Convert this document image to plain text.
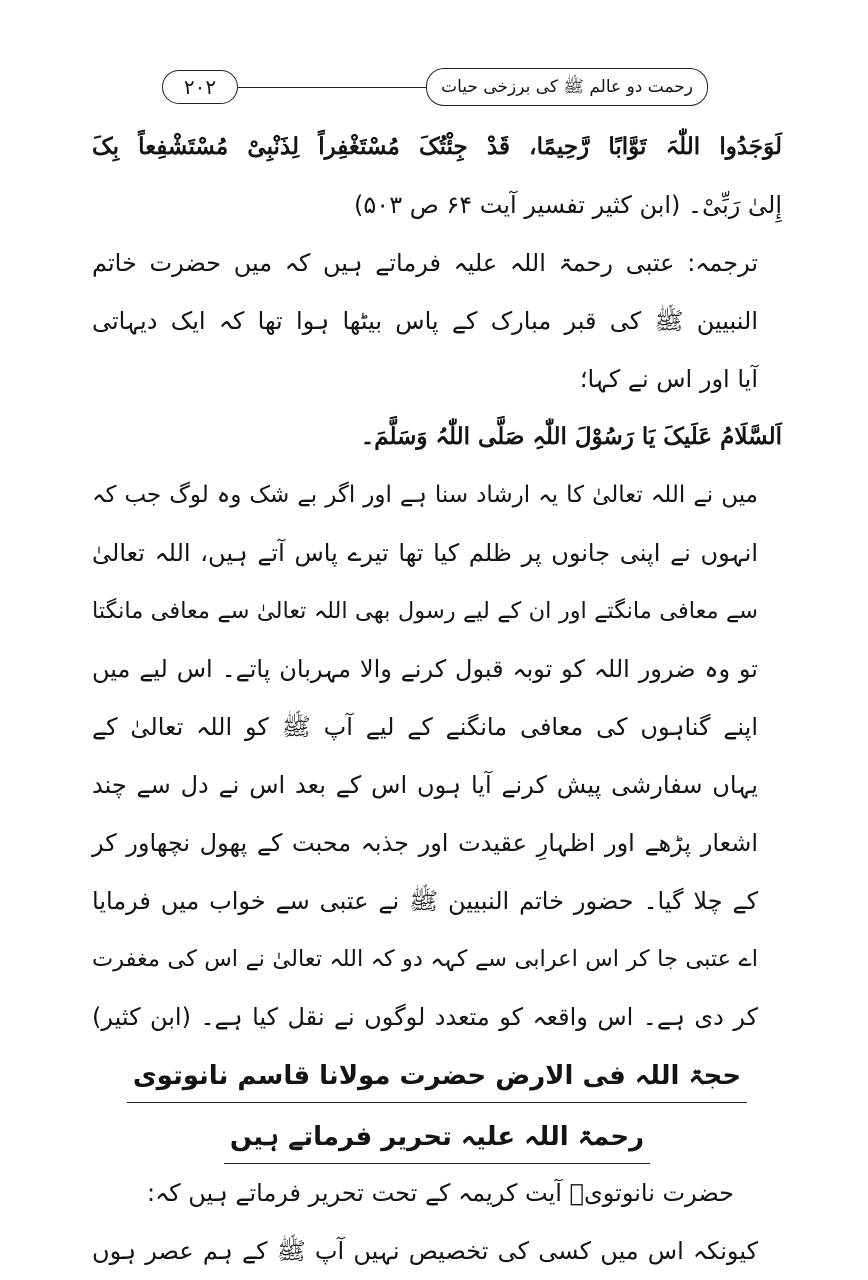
۲۰۲	رحمت دو عالم ﷺ کی برزخی حیات
لَوَجَدُوا اللّٰہَ تَوَّابًا رَّحِیمًا، قَدْ جِئْتُکَ مُسْتَغْفِراً لِذَنْبِیْ مُسْتَشْفِعاً بِکَ
إِلیٰ رَبِّیْ۔ (ابن کثیر تفسیر آیت ۶۴ ص ۵۰۳)
ترجمہ: عتبی رحمۃ اللہ علیہ فرماتے ہیں کہ میں حضرت خاتم
النبیین ﷺ کی قبر مبارک کے پاس بیٹھا ہوا تھا کہ ایک دیہاتی
آیا اور اس نے کہا؛
اَلسَّلَامُ عَلَیکَ یَا رَسُوْلَ اللّٰہِ صَلَّی اللّٰہُ وَسَلَّمَ۔
میں نے اللہ تعالیٰ کا یہ ارشاد سنا ہے اور اگر بے شک وہ لوگ جب کہ
انہوں نے اپنی جانوں پر ظلم کیا تھا تیرے پاس آتے ہیں، اللہ تعالیٰ
سے معافی مانگتے اور ان کے لیے رسول بھی اللہ تعالیٰ سے معافی مانگتا
تو وہ ضرور اللہ کو توبہ قبول کرنے والا مہربان پاتے۔ اس لیے میں
اپنے گناہوں کی معافی مانگنے کے لیے آپ ﷺ کو اللہ تعالیٰ کے
یہاں سفارشی پیش کرنے آیا ہوں اس کے بعد اس نے دل سے چند
اشعار پڑھے اور اظہارِ عقیدت اور جذبہ محبت کے پھول نچھاور کر
کے چلا گیا۔ حضور خاتم النبیین ﷺ نے عتبی سے خواب میں فرمایا
اے عتبی جا کر اس اعرابی سے کہہ دو کہ اللہ تعالیٰ نے اس کی مغفرت
کر دی ہے۔ اس واقعہ کو متعدد لوگوں نے نقل کیا ہے۔ (ابن کثیر)
حجۃ اللہ فی الارض حضرت مولانا قاسم نانوتوی
رحمۃ اللہ علیہ تحریر فرماتے ہیں
حضرت نانوتویؒ آیت کریمہ کے تحت تحریر فرماتے ہیں کہ:
کیونکہ اس میں کسی کی تخصیص نہیں آپ ﷺ کے ہم عصر ہوں
